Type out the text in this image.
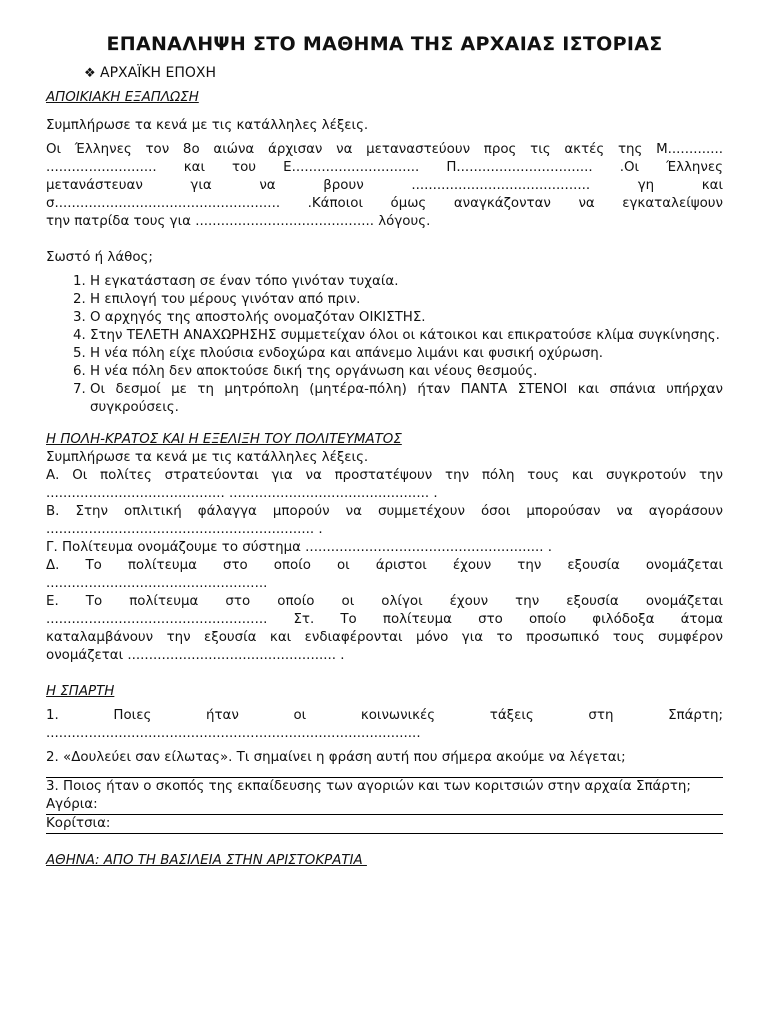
ΕΠΑΝΑΛΗΨΗ ΣΤΟ ΜΑΘΗΜΑ ΤΗΣ ΑΡΧΑΙΑΣ ΙΣΤΟΡΙΑΣ
❖ ΑΡΧΑΪΚΗ ΕΠΟΧΗ

ΑΠΟΙΚΙΑΚΗ ΕΞΑΠΛΩΣΗ

Συμπλήρωσε τα κενά με τις κατάλληλες λέξεις.

Οι Έλληνες τον 8ο αιώνα άρχισαν να μεταναστεύουν προς τις ακτές της Μ.............

.......................... και του Ε.............................. Π................................ .Οι Έλληνες

μετανάστευαν για να βρουν .......................................... γη και

σ..................................................... .Κάποιοι όμως αναγκάζονταν να εγκαταλείψουν

την πατρίδα τους για .......................................... λόγους.

Σωστό ή λάθος;

1. Η εγκατάσταση σε έναν τόπο γινόταν τυχαία.
2. Η επιλογή του μέρους γινόταν από πριν.
3. Ο αρχηγός της αποστολής ονομαζόταν ΟΙΚΙΣΤΗΣ.
4. Στην ΤΕΛΕΤΗ ΑΝΑΧΩΡΗΣΗΣ συμμετείχαν όλοι οι κάτοικοι και επικρατούσε κλίμα συγκίνησης.
5. Η νέα πόλη είχε πλούσια ενδοχώρα και απάνεμο λιμάνι και φυσική οχύρωση.
6. Η νέα πόλη δεν αποκτούσε δική της οργάνωση και νέους θεσμούς.
7. Οι δεσμοί με τη μητρόπολη (μητέρα-πόλη) ήταν ΠΑΝΤΑ ΣΤΕΝΟΙ και σπάνια υπήρχαν συγκρούσεις.

Η ΠΟΛΗ-ΚΡΑΤΟΣ ΚΑΙ Η ΕΞΕΛΙΞΗ ΤΟΥ ΠΟΛΙΤΕΥΜΑΤΟΣ

Συμπλήρωσε τα κενά με τις κατάλληλες λέξεις.

Α. Οι πολίτες στρατεύονται για να προστατέψουν την πόλη τους και συγκροτούν την

.......................................... ............................................... .

Β. Στην οπλιτική φάλαγγα μπορούν να συμμετέχουν όσοι μπορούσαν να αγοράσουν

............................................................... .

Γ. Πολίτευμα ονομάζουμε το σύστημα ........................................................ .

Δ. Το πολίτευμα στο οποίο οι άριστοι έχουν την εξουσία ονομάζεται

....................................................

Ε. Το πολίτευμα στο οποίο οι ολίγοι έχουν την εξουσία ονομάζεται

.................................................... Στ. Το πολίτευμα στο οποίο φιλόδοξα άτομα

καταλαμβάνουν την εξουσία και ενδιαφέρονται μόνο για το προσωπικό τους συμφέρον

ονομάζεται ................................................. .

Η ΣΠΑΡΤΗ

1. Ποιες ήταν οι κοινωνικές τάξεις στη Σπάρτη;

........................................................................................

2. «Δουλεύει σαν είλωτας». Τι σημαίνει η φράση αυτή που σήμερα ακούμε να λέγεται;

3. Ποιος ήταν ο σκοπός της εκπαίδευσης των αγοριών και των κοριτσιών στην αρχαία Σπάρτη;

Αγόρια:

Κορίτσια:

ΑΘΗΝΑ: ΑΠΟ ΤΗ ΒΑΣΙΛΕΙΑ ΣΤΗΝ ΑΡΙΣΤΟΚΡΑΤΙΑ
